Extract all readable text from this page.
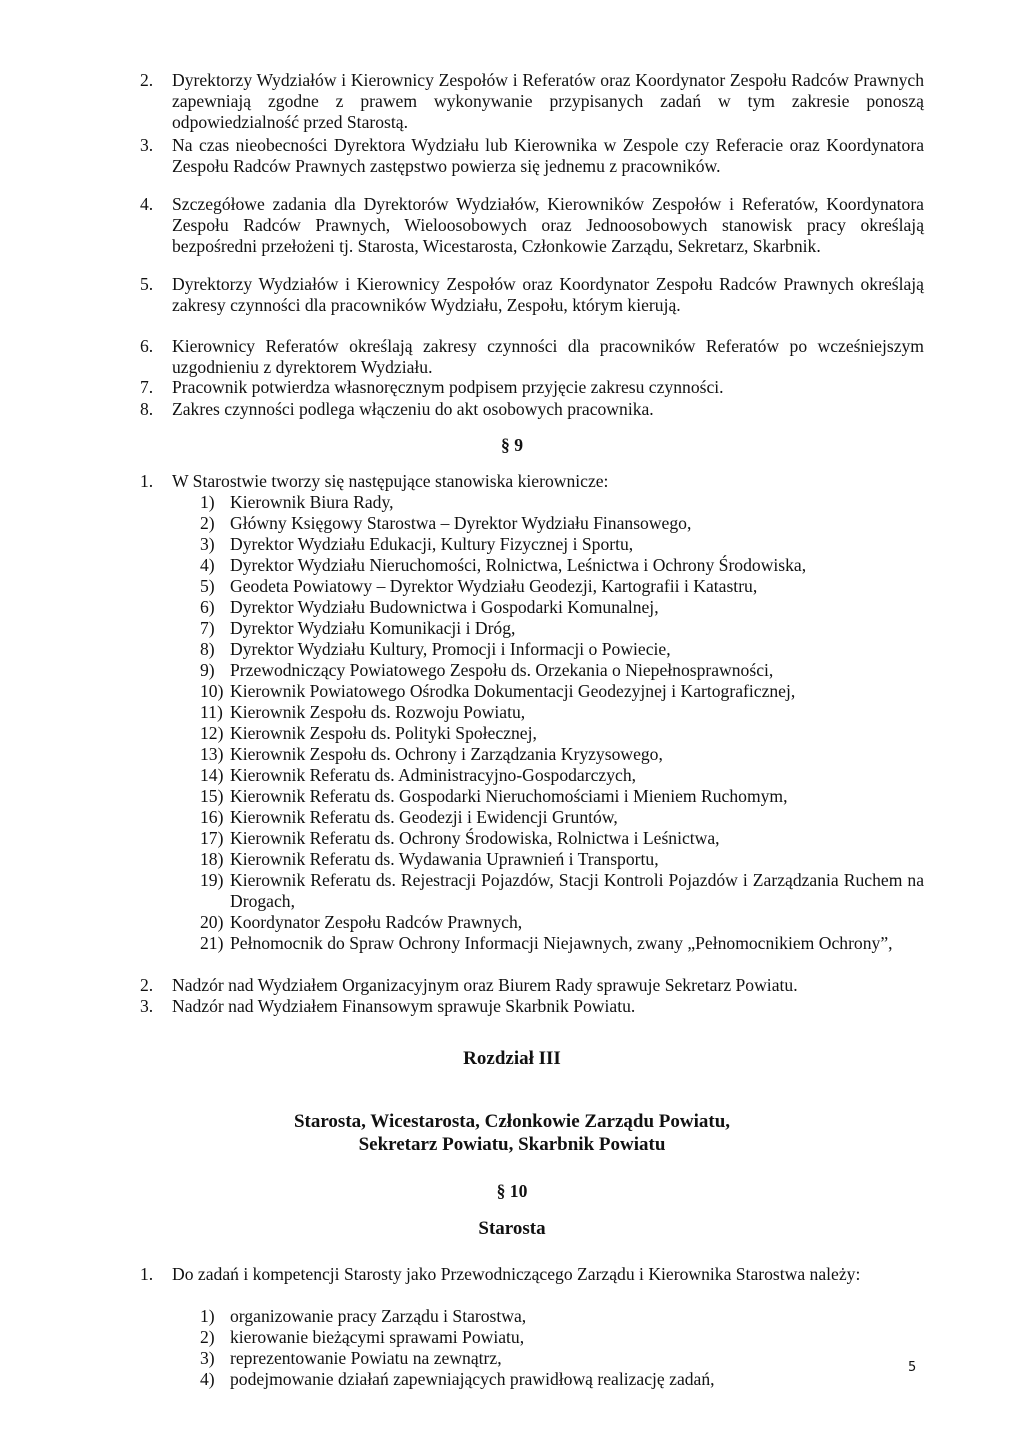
2. Dyrektorzy Wydziałów i Kierownicy Zespołów i Referatów oraz Koordynator Zespołu Radców Prawnych zapewniają zgodne z prawem wykonywanie przypisanych zadań w tym zakresie ponoszą odpowiedzialność przed Starostą.
3. Na czas nieobecności Dyrektora Wydziału lub Kierownika w Zespole czy Referacie oraz Koordynatora Zespołu Radców Prawnych zastępstwo powierza się jednemu z pracowników.
4. Szczegółowe zadania dla Dyrektorów Wydziałów, Kierowników Zespołów i Referatów, Koordynatora Zespołu Radców Prawnych, Wieloosobowych oraz Jednoosobowych stanowisk pracy określają bezpośredni przełożeni tj. Starosta, Wicestarosta, Członkowie Zarządu, Sekretarz, Skarbnik.
5. Dyrektorzy Wydziałów i Kierownicy Zespołów oraz Koordynator Zespołu Radców Prawnych określają zakresy czynności dla pracowników Wydziału, Zespołu, którym kierują.
6. Kierownicy Referatów określają zakresy czynności dla pracowników Referatów po wcześniejszym uzgodnieniu z dyrektorem Wydziału.
7. Pracownik potwierdza własnoręcznym podpisem przyjęcie zakresu czynności.
8. Zakres czynności podlega włączeniu do akt osobowych pracownika.
§ 9
1. W Starostwie tworzy się następujące stanowiska kierownicze:
1) Kierownik Biura Rady,
2) Główny Księgowy Starostwa – Dyrektor Wydziału Finansowego,
3) Dyrektor Wydziału Edukacji, Kultury Fizycznej i Sportu,
4) Dyrektor Wydziału Nieruchomości, Rolnictwa, Leśnictwa i Ochrony Środowiska,
5) Geodeta Powiatowy – Dyrektor Wydziału Geodezji, Kartografii i Katastru,
6) Dyrektor Wydziału Budownictwa i Gospodarki Komunalnej,
7) Dyrektor Wydziału Komunikacji i Dróg,
8) Dyrektor Wydziału Kultury, Promocji i Informacji o Powiecie,
9) Przewodniczący Powiatowego Zespołu ds. Orzekania o Niepełnosprawności,
10) Kierownik Powiatowego Ośrodka Dokumentacji Geodezyjnej i Kartograficznej,
11) Kierownik Zespołu ds. Rozwoju Powiatu,
12) Kierownik Zespołu ds. Polityki Społecznej,
13) Kierownik Zespołu ds. Ochrony i Zarządzania Kryzysowego,
14) Kierownik Referatu ds. Administracyjno-Gospodarczych,
15) Kierownik Referatu ds. Gospodarki Nieruchomościami i Mieniem Ruchomym,
16) Kierownik Referatu ds. Geodezji i Ewidencji Gruntów,
17) Kierownik Referatu ds. Ochrony Środowiska, Rolnictwa i Leśnictwa,
18) Kierownik Referatu ds. Wydawania Uprawnień i Transportu,
19) Kierownik Referatu ds. Rejestracji Pojazdów, Stacji Kontroli Pojazdów i Zarządzania Ruchem na Drogach,
20) Koordynator Zespołu Radców Prawnych,
21) Pełnomocnik do Spraw Ochrony Informacji Niejawnych, zwany „Pełnomocnikiem Ochrony”,
2. Nadzór nad Wydziałem Organizacyjnym oraz Biurem Rady sprawuje Sekretarz Powiatu.
3. Nadzór nad Wydziałem Finansowym sprawuje Skarbnik Powiatu.
Rozdział III
Starosta, Wicestarosta, Członkowie Zarządu Powiatu,
Sekretarz Powiatu, Skarbnik Powiatu
§ 10
Starosta
1. Do zadań i kompetencji Starosty jako Przewodniczącego Zarządu i Kierownika Starostwa należy:
1) organizowanie pracy Zarządu i Starostwa,
2) kierowanie bieżącymi sprawami Powiatu,
3) reprezentowanie Powiatu na zewnątrz,
4) podejmowanie działań zapewniających prawidłową realizację zadań,
5
